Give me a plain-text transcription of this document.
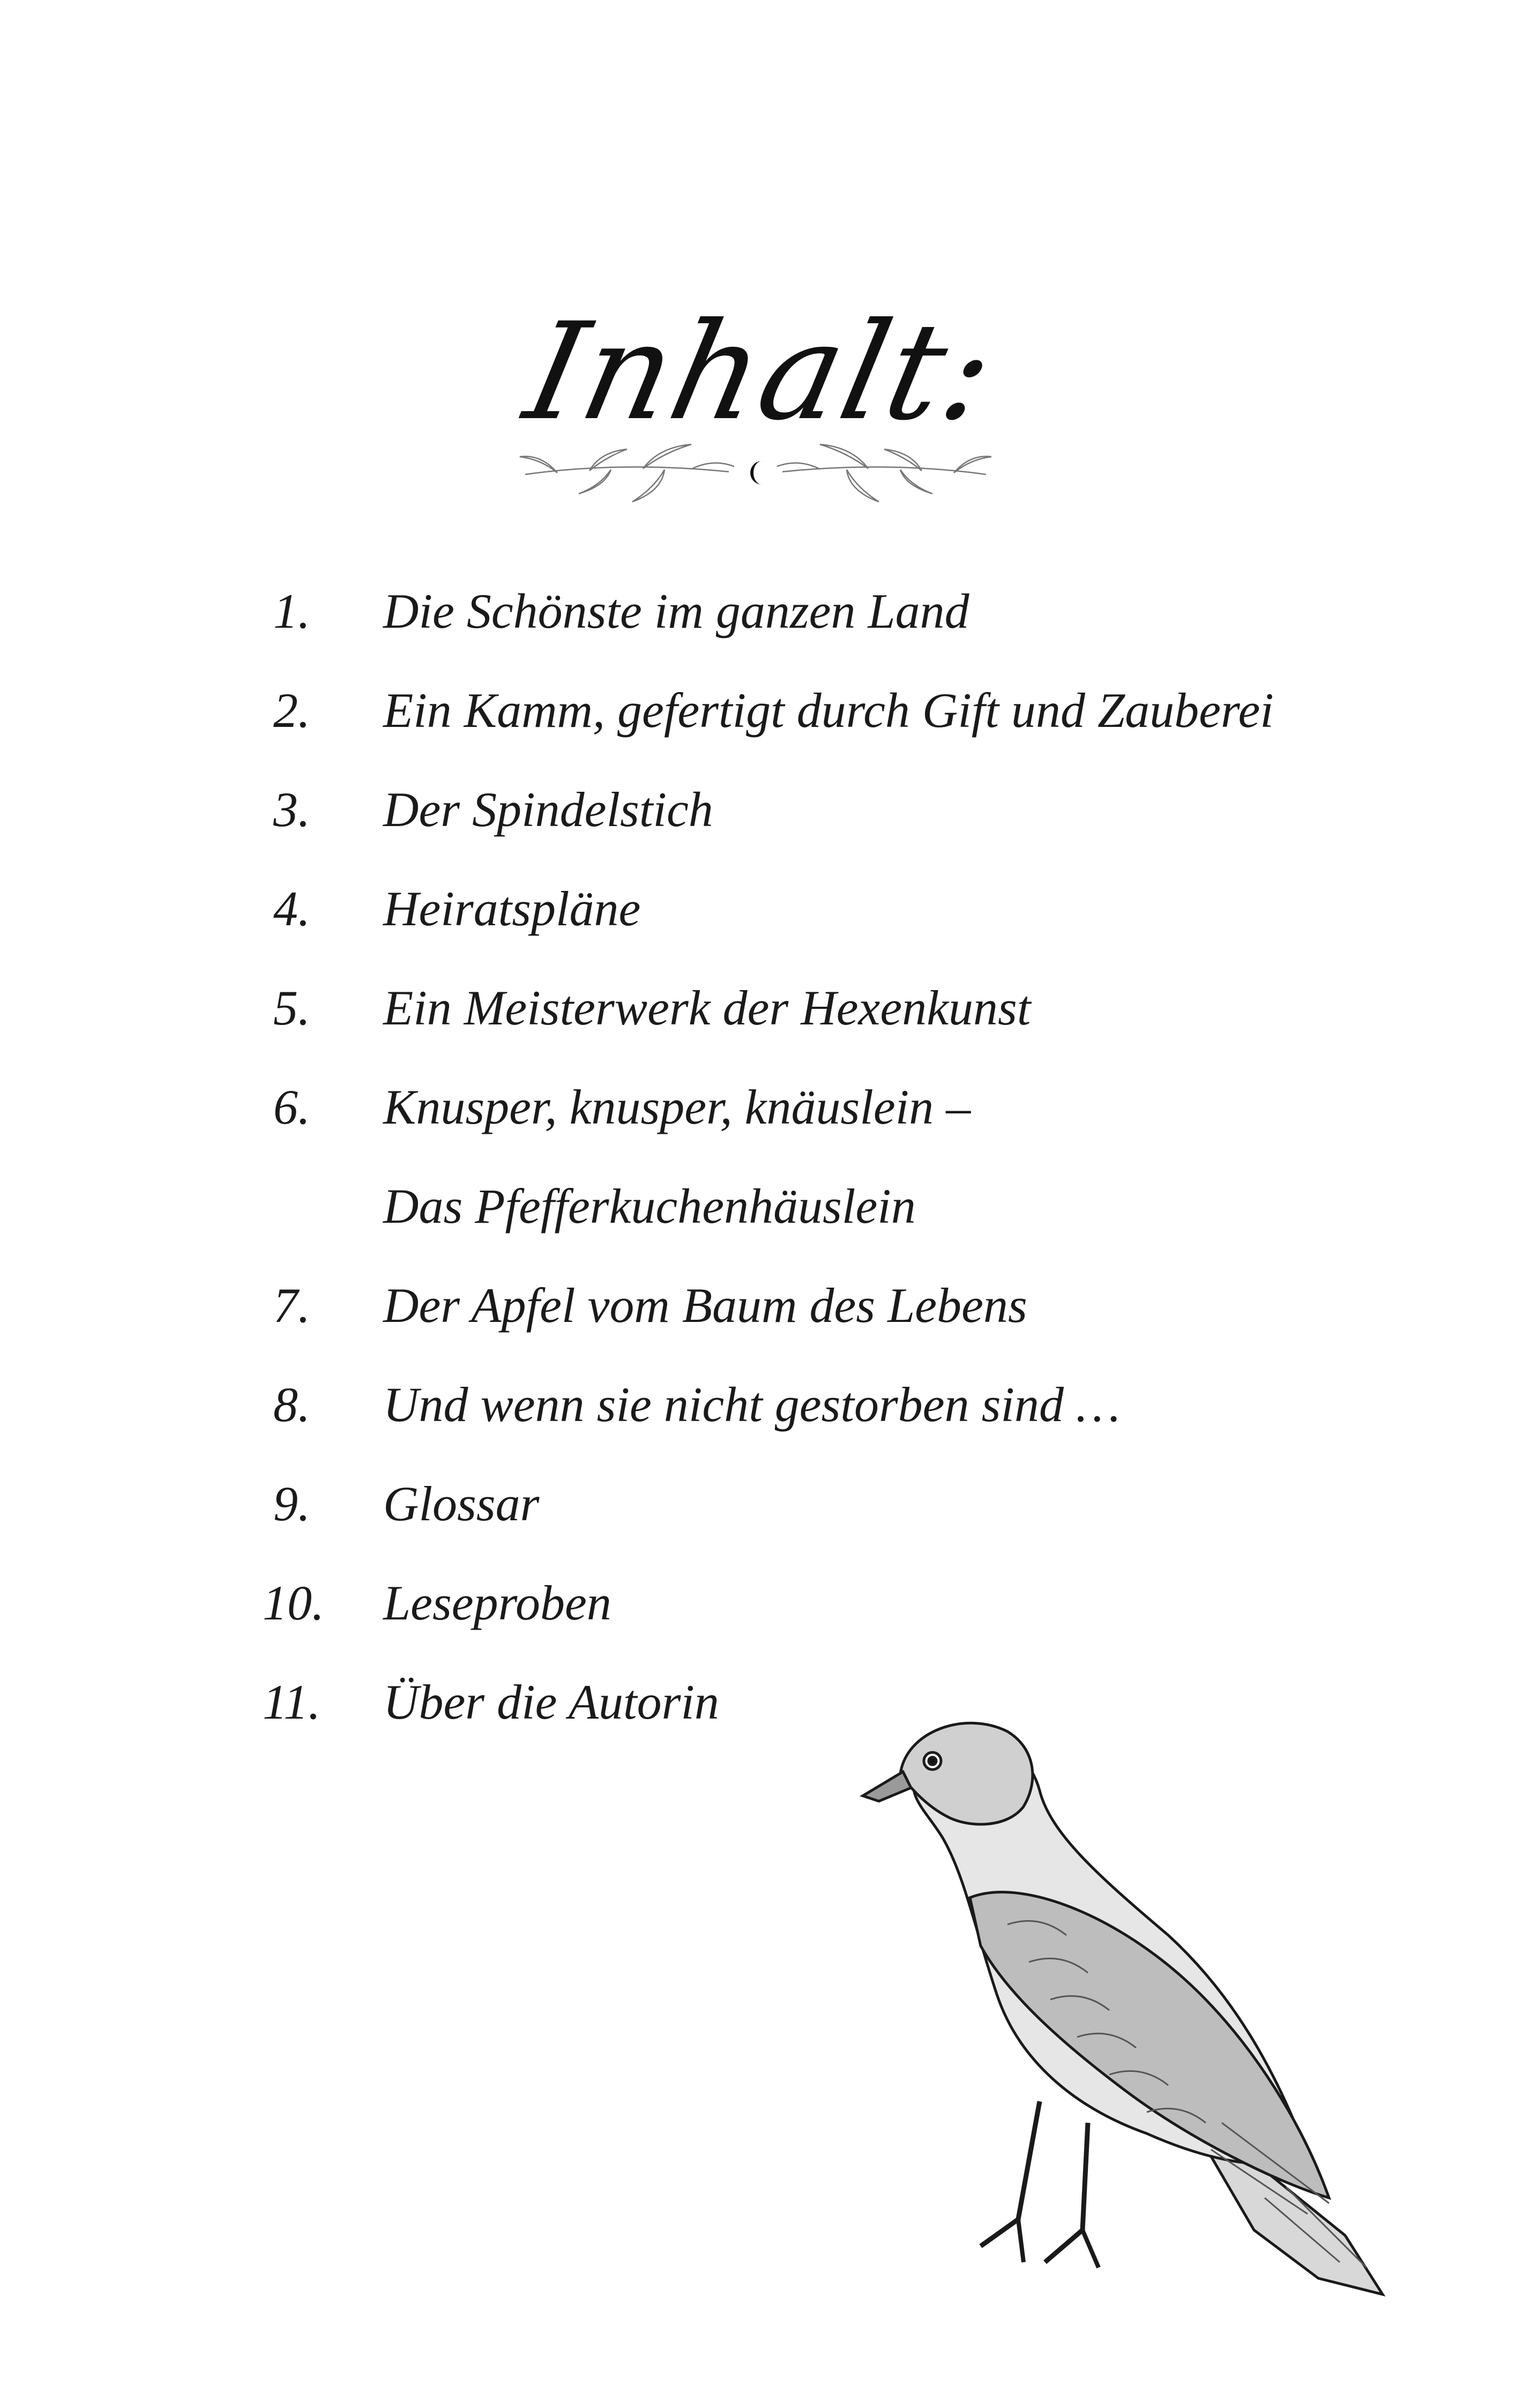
Inhalt:
1. Die Schönste im ganzen Land
2. Ein Kamm, gefertigt durch Gift und Zauberei
3. Der Spindelstich
4. Heiratspläne
5. Ein Meisterwerk der Hexenkunst
6. Knusper, knusper, knäuslein –
Das Pfefferkuchenhäuslein
7. Der Apfel vom Baum des Lebens
8. Und wenn sie nicht gestorben sind …
9. Glossar
10. Leseproben
11. Über die Autorin
